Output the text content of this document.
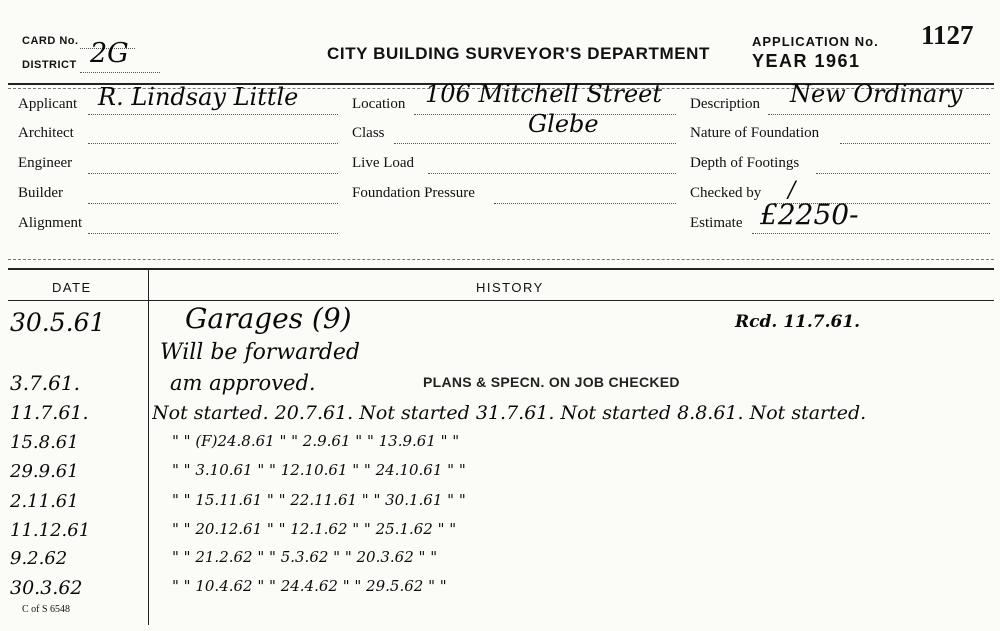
CARD No.
DISTRICT 2G	CITY BUILDING SURVEYOR'S DEPARTMENT
APPLICATION No. 1127
YEAR 1961
Applicant R. Lindsay Little
Architect
Engineer
Builder
Alignment
Location 106 Mitchell Street
Class	Glebe
Live Load
Foundation Pressure
Description New Ordinary
Nature of Foundation
Depth of Footings
Checked by /
Estimate £2250-
DATE	HISTORY
30.5.61	Garages (9)	Rcd. 11.7.61.
Will be forwarded
3.7.61.	am approved.
11.7.61.	Not started. 20.7.61. Not started 31.7.61. Not started 8.8.61. Not started.
15.8.61	" " (F)24.8.61 " " 2.9.61 " " 13.9.61 " "
29.9.61	" " 3.10.61 " " 12.10.61 " " 24.10.61 " "
2.11.61	" " 15.11.61 " " 22.11.61 " " 30.1.61 " "
11.12.61	" " 20.12.61 " " 12.1.62 " " 25.1.62 " "
9.2.62	" " 21.2.62 " " 5.3.62 " " 20.3.62 " "
30.3.62	" " 10.4.62 " " 24.4.62 " " 29.5.62 " "
PLANS & SPECN. ON JOB CHECKED
C of S 6548
